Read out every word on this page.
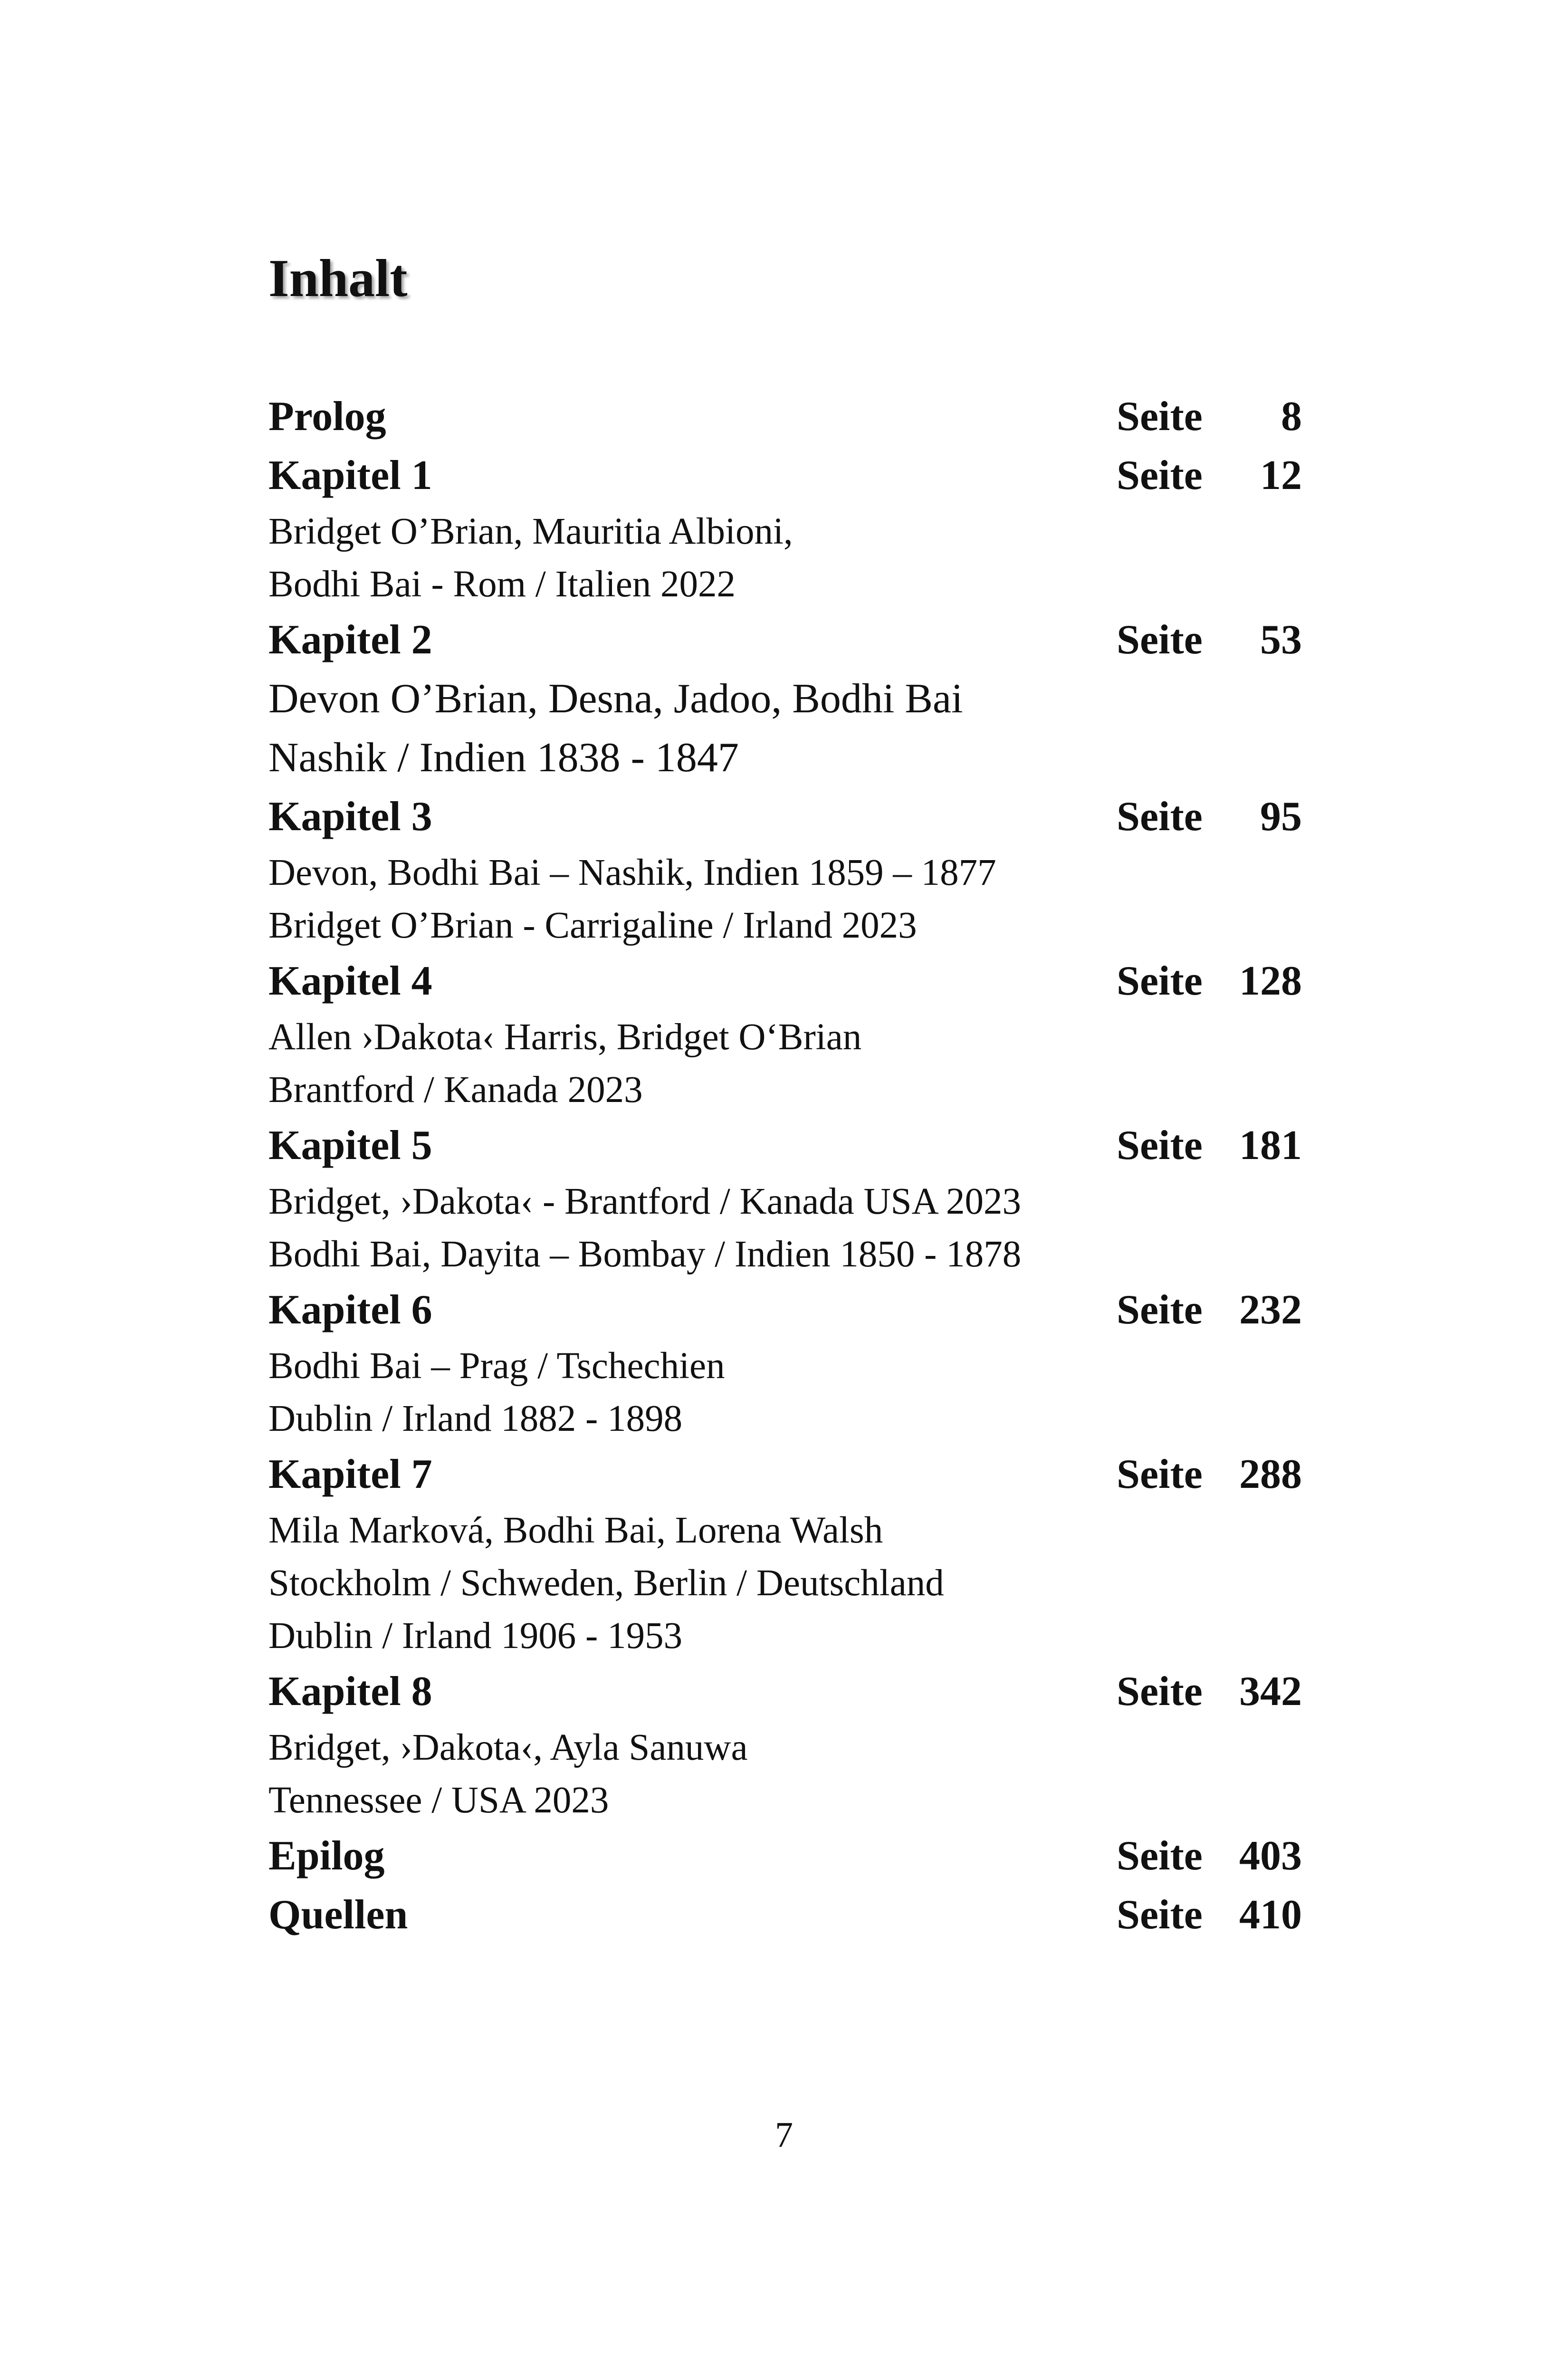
Inhalt
Prolog	Seite 8
Kapitel 1	Seite 12
Bridget O’Brian, Mauritia Albioni,
Bodhi Bai - Rom / Italien 2022
Kapitel 2	Seite 53
Devon O’Brian, Desna, Jadoo, Bodhi Bai
Nashik / Indien 1838 - 1847
Kapitel 3	Seite 95
Devon, Bodhi Bai – Nashik, Indien 1859 – 1877
Bridget O’Brian - Carrigaline / Irland 2023
Kapitel 4	Seite 128
Allen ›Dakota‹ Harris, Bridget O‘Brian
Brantford / Kanada 2023
Kapitel 5	Seite 181
Bridget, ›Dakota‹ - Brantford / Kanada USA 2023
Bodhi Bai, Dayita – Bombay / Indien 1850 - 1878
Kapitel 6	Seite 232
Bodhi Bai – Prag / Tschechien
Dublin / Irland 1882 - 1898
Kapitel 7	Seite 288
Mila Marková, Bodhi Bai, Lorena Walsh
Stockholm / Schweden, Berlin / Deutschland
Dublin / Irland 1906 - 1953
Kapitel 8	Seite 342
Bridget, ›Dakota‹, Ayla Sanuwa
Tennessee / USA 2023
Epilog	Seite 403
Quellen	Seite 410
7
